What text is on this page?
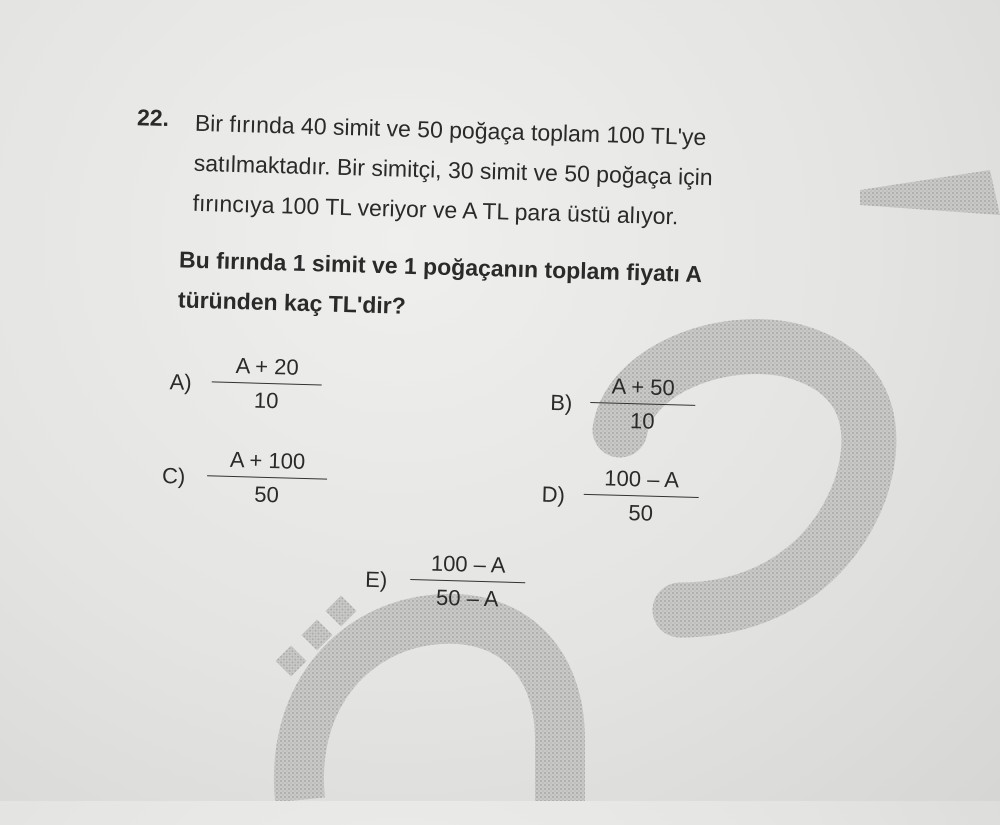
22. Bir fırında 40 simit ve 50 poğaça toplam 100 TL'ye
satılmaktadır. Bir simitçi, 30 simit ve 50 poğaça için
fırıncıya 100 TL veriyor ve A TL para üstü alıyor.
Bu fırında 1 simit ve 1 poğaçanın toplam fiyatı A
türünden kaç TL'dir?
$A) \frac{A + 20}{10}$	$B) \frac{A + 50}{10}$
$C) \frac{A + 100}{50}$	$D) \frac{100 - A}{50}$
$E) \frac{100 - A}{50 - A}$
